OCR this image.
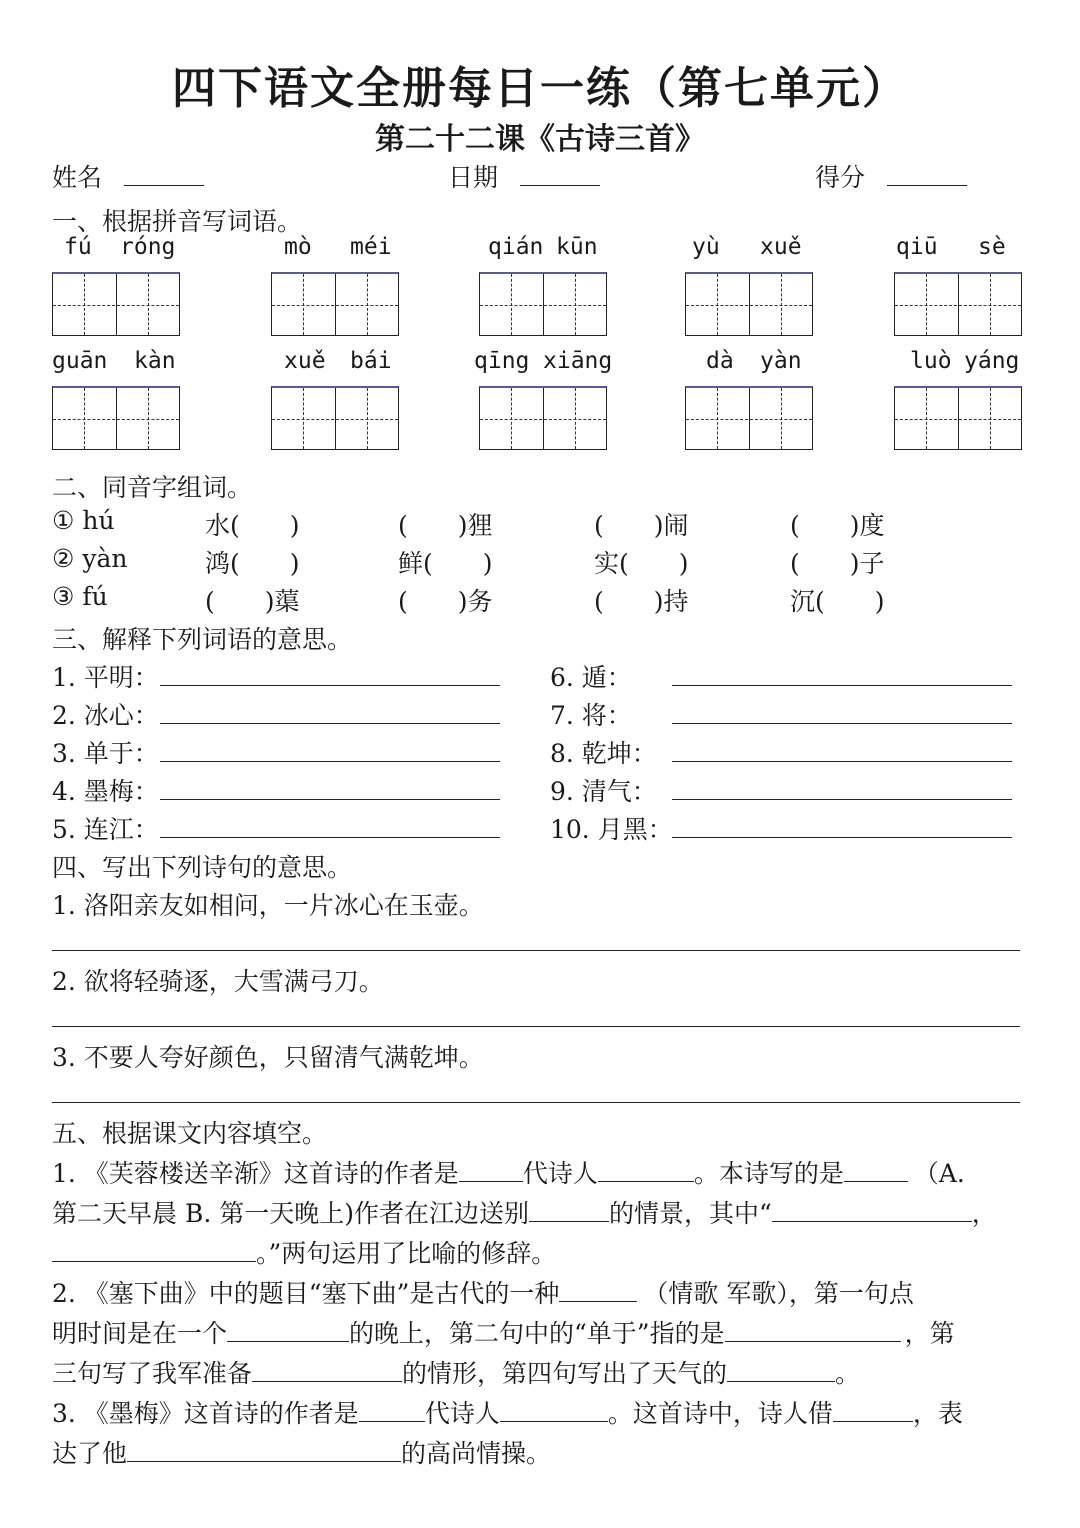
四下语文全册每日一练（第七单元）
第二十二课《古诗三首》
姓名	日期	得分
一、根据拼音写词语。
fú róng	mò méi	qián kūn	yù xuě	qiū sè
guān kàn	xuě bái	qīng xiāng	dà yàn	luò yáng
二、同音字组词。
① hú	水(　　)	(　　)狸	(　　)闹	(　　)度
② yàn	鸿(　　)	鲜(　　)	实(　　)	(　　)子
③ fú	(　　)蕖	(　　)务	(　　)持	沉(　　)
三、解释下列词语的意思。
1. 平明：
2. 冰心：
3. 单于：
4. 墨梅：
5. 连江：
6. 遁：
7. 将：
8. 乾坤：
9. 清气：
10. 月黑：
四、写出下列诗句的意思。
1. 洛阳亲友如相问，一片冰心在玉壶。
2. 欲将轻骑逐，大雪满弓刀。
3. 不要人夸好颜色，只留清气满乾坤。
五、根据课文内容填空。
1. 《芙蓉楼送辛渐》这首诗的作者是	代诗人	。本诗写的是	（A.
第二天早晨 B. 第一天晚上)作者在江边送别	的情景，其中“	，
。”两句运用了比喻的修辞。
2. 《塞下曲》中的题目“塞下曲”是古代的一种	（情歌 军歌），第一句点
明时间是在一个	的晚上，第二句中的“单于”指的是	，第
三句写了我军准备	的情形，第四句写出了天气的	。
3. 《墨梅》这首诗的作者是	代诗人	。这首诗中，诗人借	，表
达了他	的高尚情操。
